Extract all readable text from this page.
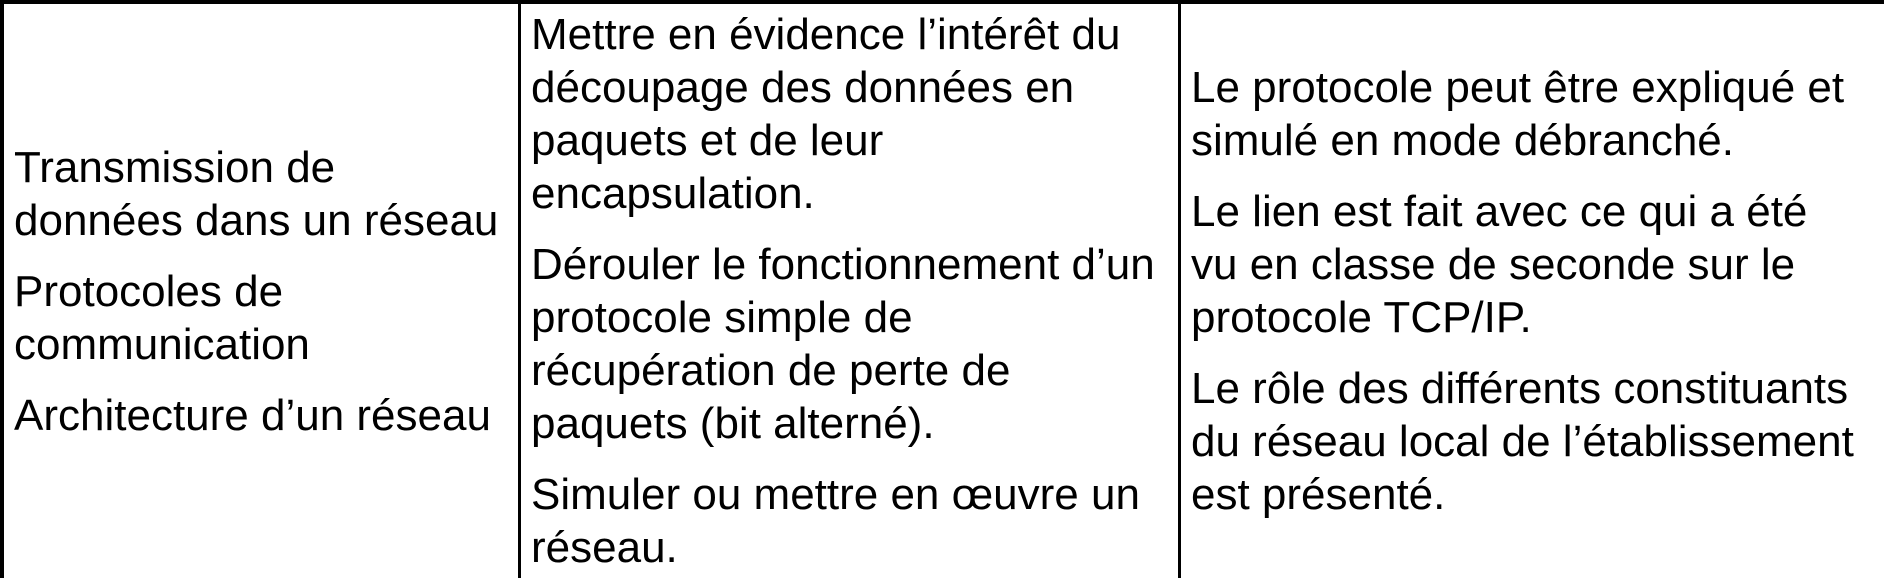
Transmission de données dans un réseau

Protocoles de communication

Architecture d’un réseau

Mettre en évidence l’intérêt du découpage des données en paquets et de leur encapsulation.

Dérouler le fonctionnement d’un protocole simple de récupération de perte de paquets (bit alterné).

Simuler ou mettre en œuvre un réseau.

Le protocole peut être expliqué et simulé en mode débranché.

Le lien est fait avec ce qui a été vu en classe de seconde sur le protocole TCP/IP.

Le rôle des différents constituants du réseau local de l’établissement est présenté.
